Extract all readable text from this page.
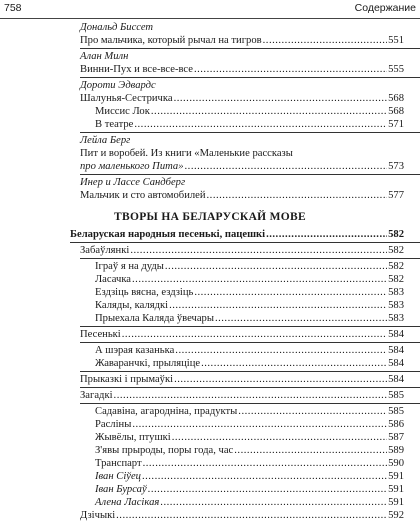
758	Содержание
Дональд Биссет
Про мальчика, который рычал на тигров .....	551
Алан Милн
Винни-Пух и все-все-все .....	555
Дороти Эдвардс
Шалунья-Сестричка .....	568
Миссис Лок .....	568
В театре .....	571
Лейла Берг
Пит и воробей. Из книги «Маленькие рассказы
про маленького Пита» .....	573
Инер и Лассе Сандберг
Мальчик и сто автомобилей .....	577
ТВОРЫ НА БЕЛАРУСКАЙ МОВЕ
Беларуская народныя песенькі, пацешкі .....	582
Забаўлянкі .....	582
Ігpaў я на дуды .....	582
Ласачка .....	582
Ездзіць вясна, ездзіць .....	583
Каляды, калядкі .....	583
Прыехала Каляда ўвечары .....	583
Песенькі .....	584
А шэрая казанька .....	584
Жаваранчкі, прыляціце .....	584
Прыказкі і прымаўкі .....	584
Загадкі .....	585
Садавіна, агародніна, прадукты .....	585
Расліны .....	586
Жывёлы, птушкі .....	587
З'явы прыроды, поры года, час .....	589
Транспарт .....	590
Іван Сіўец .....	591
Іван Бурсаў .....	591
Алена Ласікая .....	591
Дзічыкі .....	592
